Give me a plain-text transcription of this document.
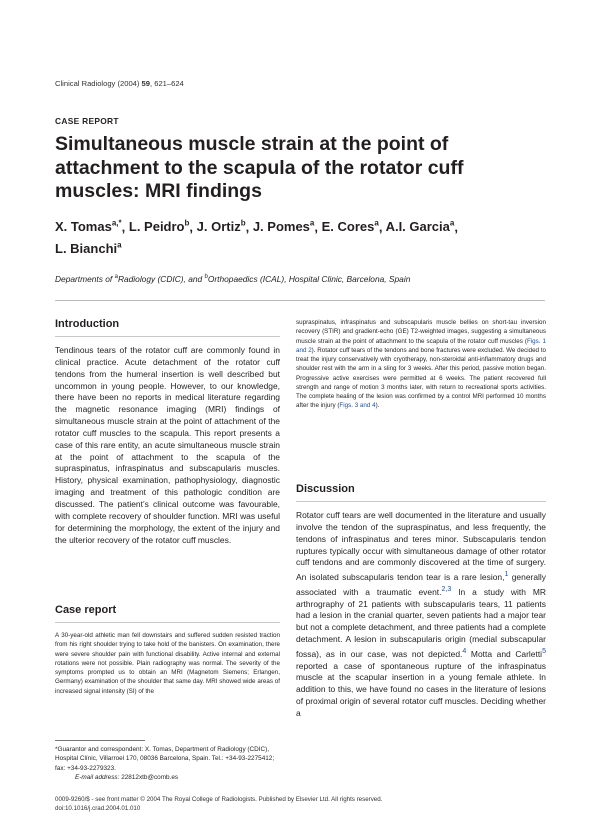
Clinical Radiology (2004) 59, 621–624
CASE REPORT
Simultaneous muscle strain at the point of attachment to the scapula of the rotator cuff muscles: MRI findings
X. Tomas$^{a,*}$, L. Peidro$^b$, J. Ortiz$^b$, J. Pomes$^a$, E. Cores$^a$, A.I. Garcia$^a$,
L. Bianchi$^a$
Departments of $^a$Radiology (CDIC), and $^b$Orthopaedics (ICAL), Hospital Clinic, Barcelona, Spain
Introduction
Tendinous tears of the rotator cuff are commonly found in clinical practice. Acute detachment of the rotator cuff tendons from the humeral insertion is well described but uncommon in young people. However, to our knowledge, there have been no reports in medical literature regarding the magnetic resonance imaging (MRI) findings of simultaneous muscle strain at the point of attachment of the rotator cuff muscles to the scapula. This report presents a case of this rare entity, an acute simultaneous muscle strain at the point of attachment to the scapula of the supraspinatus, infraspinatus and subscapularis muscles. History, physical examination, pathophysiology, diagnostic imaging and treatment of this pathologic condition are discussed. The patient’s clinical outcome was favourable, with complete recovery of shoulder function. MRI was useful for determining the morphology, the extent of the injury and the ulterior recovery of the rotator cuff muscles.
Case report
A 30-year-old athletic man fell downstairs and suffered sudden resisted traction from his right shoulder trying to take hold of the banisters. On examination, there were severe shoulder pain with functional disability. Active internal and external rotations were not possible. Plain radiography was normal. The severity of the symptoms prompted us to obtain an MRI (Magnetom Siemens; Erlangen, Germany) examination of the shoulder that same day. MRI showed wide areas of increased signal intensity (SI) of the
*Guarantor and correspondent: X. Tomas, Department of Radiology (CDIC), Hospital Clínic, Villarroel 170, 08036 Barcelona, Spain. Tel.: +34-93-2275412; fax: +34-93-2279323.
E-mail address: 22812xtb@comb.es
supraspinatus, infraspinatus and subscapularis muscle bellies on short-tau inversion recovery (STIR) and gradient-echo (GE) T2-weighted images, suggesting a simultaneous muscle strain at the point of attachment to the scapula of the rotator cuff muscles (Figs. 1 and 2). Rotator cuff tears of the tendons and bone fractures were excluded. We decided to treat the injury conservatively with cryotherapy, non-steroidal anti-inflammatory drugs and shoulder rest with the arm in a sling for 3 weeks. After this period, passive motion began. Progressive active exercises were permitted at 6 weeks. The patient recovered full strength and range of motion 3 months later, with return to recreational sports activities. The complete healing of the lesion was confirmed by a control MRI performed 10 months after the injury (Figs. 3 and 4).
Discussion
Rotator cuff tears are well documented in the literature and usually involve the tendon of the supraspinatus, and less frequently, the tendons of infraspinatus and teres minor. Subscapularis tendon ruptures typically occur with simultaneous damage of other rotator cuff tendons and are commonly discovered at the time of surgery. An isolated subscapularis tendon tear is a rare lesion,$^1$ generally associated with a traumatic event.$^{2,3}$ In a study with MR arthrography of 21 patients with subscapularis tears, 11 patients had a lesion in the cranial quarter, seven patients had a major tear but not a complete detachment, and three patients had a complete detachment. A lesion in subscapularis origin (medial subscapular fossa), as in our case, was not depicted.$^4$ Motta and Carletti$^5$ reported a case of spontaneous rupture of the infraspinatus muscle at the scapular insertion in a young female athlete. In addition to this, we have found no cases in the literature of lesions of proximal origin of several rotator cuff muscles. Deciding whether a
0009-9260/$ - see front matter © 2004 The Royal College of Radiologists. Published by Elsevier Ltd. All rights reserved.
doi:10.1016/j.crad.2004.01.010
